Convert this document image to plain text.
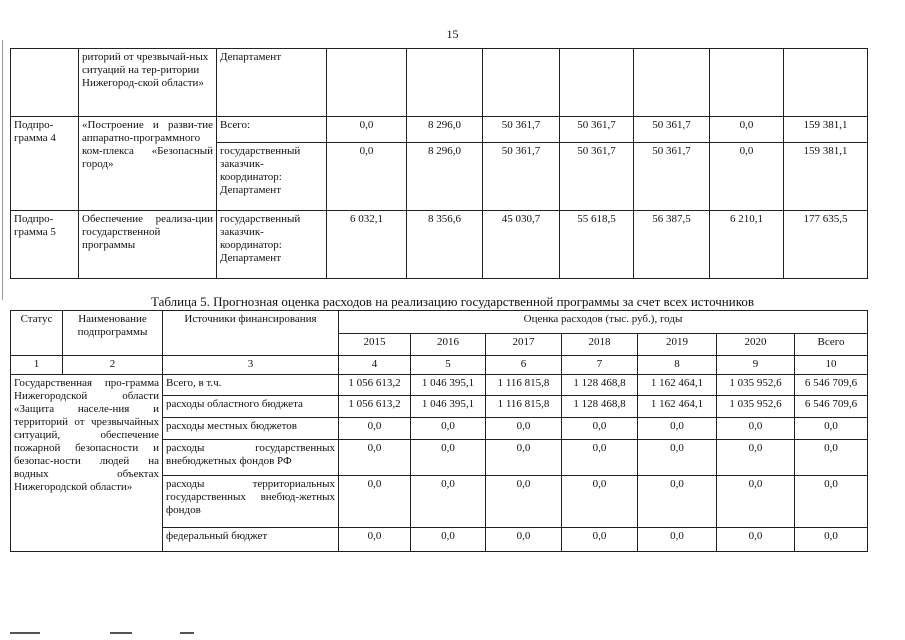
15
	риторий от чрезвычай-ных ситуаций на тер-ритории Нижегород-ской области»	Департамент							
Подпро-грамма 4	«Построение и разви-тие аппаратно-программного ком-плекса «Безопасный город»	Всего:	0,0	8 296,0	50 361,7	50 361,7	50 361,7	0,0	159 381,1
		государственный заказчик-координатор: Департамент	0,0	8 296,0	50 361,7	50 361,7	50 361,7	0,0	159 381,1
Подпро-грамма 5	Обеспечение реализа-ции государственной программы	государственный заказчик-координатор: Департамент	6 032,1	8 356,6	45 030,7	55 618,5	56 387,5	6 210,1	177 635,5
Таблица 5. Прогнозная оценка расходов на реализацию государственной программы за счет всех источников
Статус	Наименование подпрограммы	Источники финансирования	Оценка расходов (тыс. руб.), годы						
			2015	2016	2017	2018	2019	2020	Всего
1	2	3	4	5	6	7	8	9	10
Государственная про-грамма Нижегородской области «Защита населе-ния и территорий от чрезвычайных ситуаций, обеспечение пожарной безопасности и безопас-ности людей на водных объектах Нижегородской области»		Всего, в т.ч.	1 056 613,2	1 046 395,1	1 116 815,8	1 128 468,8	1 162 464,1	1 035 952,6	6 546 709,6
		расходы областного бюджета	1 056 613,2	1 046 395,1	1 116 815,8	1 128 468,8	1 162 464,1	1 035 952,6	6 546 709,6
		расходы местных бюджетов	0,0	0,0	0,0	0,0	0,0	0,0	0,0
		расходы государственных внебюджетных фондов РФ	0,0	0,0	0,0	0,0	0,0	0,0	0,0
		расходы территориальных государственных внебюд-жетных фондов	0,0	0,0	0,0	0,0	0,0	0,0	0,0
		федеральный бюджет	0,0	0,0	0,0	0,0	0,0	0,0	0,0
